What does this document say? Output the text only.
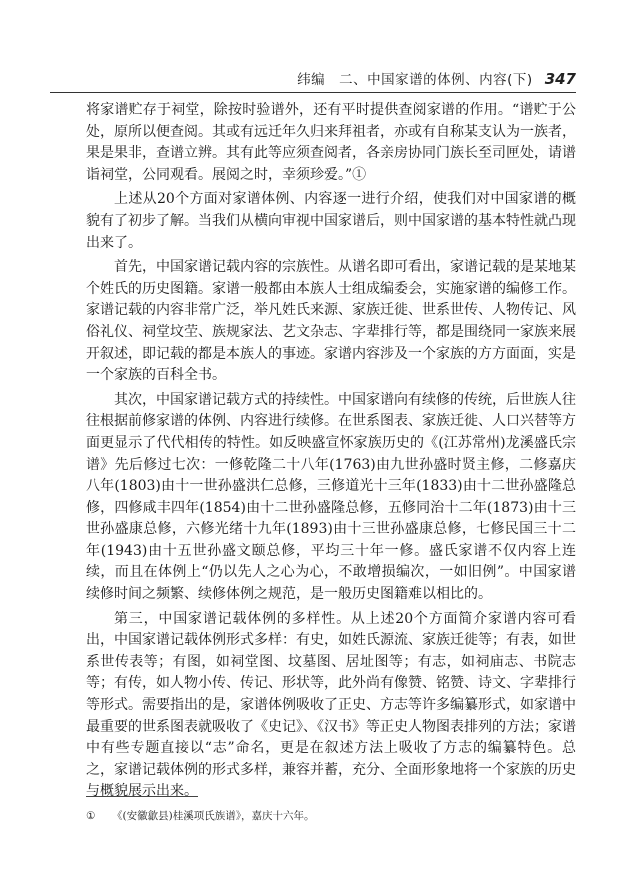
纬编　二、中国家谱的体例、内容(下) 347

将家谱贮存于祠堂，除按时验谱外，还有平时提供查阅家谱的作用。“谱贮于公处，原所以便查阅。其或有远迁年久归来拜祖者，亦或有自称某支认为一族者，果是果非，查谱立辨。其有此等应须查阅者，各亲房协同门族长至司匣处，请谱诣祠堂，公同观看。展阅之时，幸须珍爱。”①

上述从20个方面对家谱体例、内容逐一进行介绍，使我们对中国家谱的概貌有了初步了解。当我们从横向审视中国家谱后，则中国家谱的基本特性就凸现出来了。

首先，中国家谱记载内容的宗族性。从谱名即可看出，家谱记载的是某地某个姓氏的历史图籍。家谱一般都由本族人士组成编委会，实施家谱的编修工作。家谱记载的内容非常广泛，举凡姓氏来源、家族迁徙、世系世传、人物传记、风俗礼仪、祠堂坟茔、族规家法、艺文杂志、字辈排行等，都是围绕同一家族来展开叙述，即记载的都是本族人的事迹。家谱内容涉及一个家族的方方面面，实是一个家族的百科全书。

其次，中国家谱记载方式的持续性。中国家谱向有续修的传统，后世族人往往根据前修家谱的体例、内容进行续修。在世系图表、家族迁徙、人口兴替等方面更显示了代代相传的特性。如反映盛宣怀家族历史的《(江苏常州)龙溪盛氏宗谱》先后修过七次：一修乾隆二十八年(1763)由九世孙盛时贤主修，二修嘉庆八年(1803)由十一世孙盛洪仁总修，三修道光十三年(1833)由十二世孙盛隆总修，四修咸丰四年(1854)由十二世孙盛隆总修，五修同治十二年(1873)由十三世孙盛康总修，六修光绪十九年(1893)由十三世孙盛康总修，七修民国三十二年(1943)由十五世孙盛文颐总修，平均三十年一修。盛氏家谱不仅内容上连续，而且在体例上“仍以先人之心为心，不敢增损编次，一如旧例”。中国家谱续修时间之频繁、续修体例之规范，是一般历史图籍难以相比的。

第三，中国家谱记载体例的多样性。从上述20个方面简介家谱内容可看出，中国家谱记载体例形式多样：有史，如姓氏源流、家族迁徙等；有表，如世系世传表等；有图，如祠堂图、坟墓图、居址图等；有志，如祠庙志、书院志等；有传，如人物小传、传记、形状等，此外尚有像赞、铭赞、诗文、字辈排行等形式。需要指出的是，家谱体例吸收了正史、方志等许多编纂形式，如家谱中最重要的世系图表就吸收了《史记》、《汉书》等正史人物图表排列的方法；家谱中有些专题直接以“志”命名，更是在叙述方法上吸收了方志的编纂特色。总之，家谱记载体例的形式多样，兼容并蓄，充分、全面形象地将一个家族的历史与概貌展示出来。

① 《(安徽歙县)桂溪项氏族谱》，嘉庆十六年。
